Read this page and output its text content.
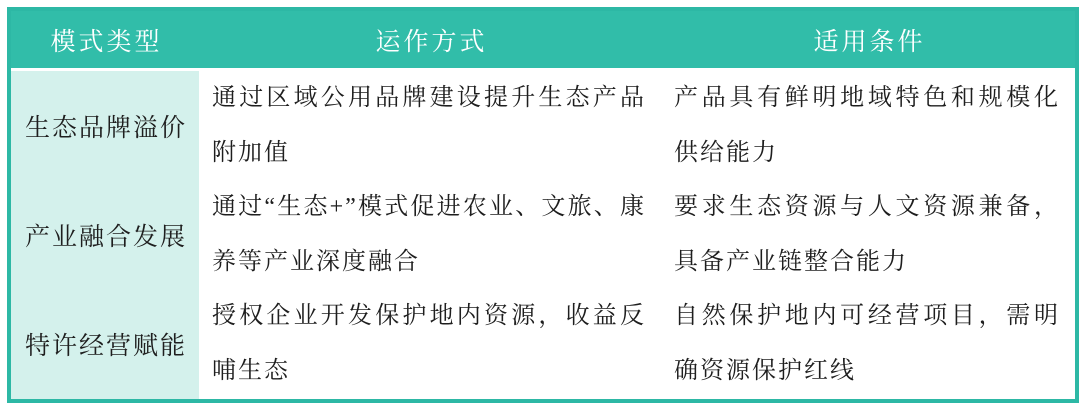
模式类型	运作方式	适用条件
生态品牌溢价
通过区域公用品牌建设提升生态产品附加值
产品具有鲜明地域特色和规模化供给能力
产业融合发展
通过“生态+”模式促进农业、文旅、康养等产业深度融合
要求生态资源与人文资源兼备，具备产业链整合能力
特许经营赋能
授权企业开发保护地内资源，收益反哺生态
自然保护地内可经营项目，需明确资源保护红线
